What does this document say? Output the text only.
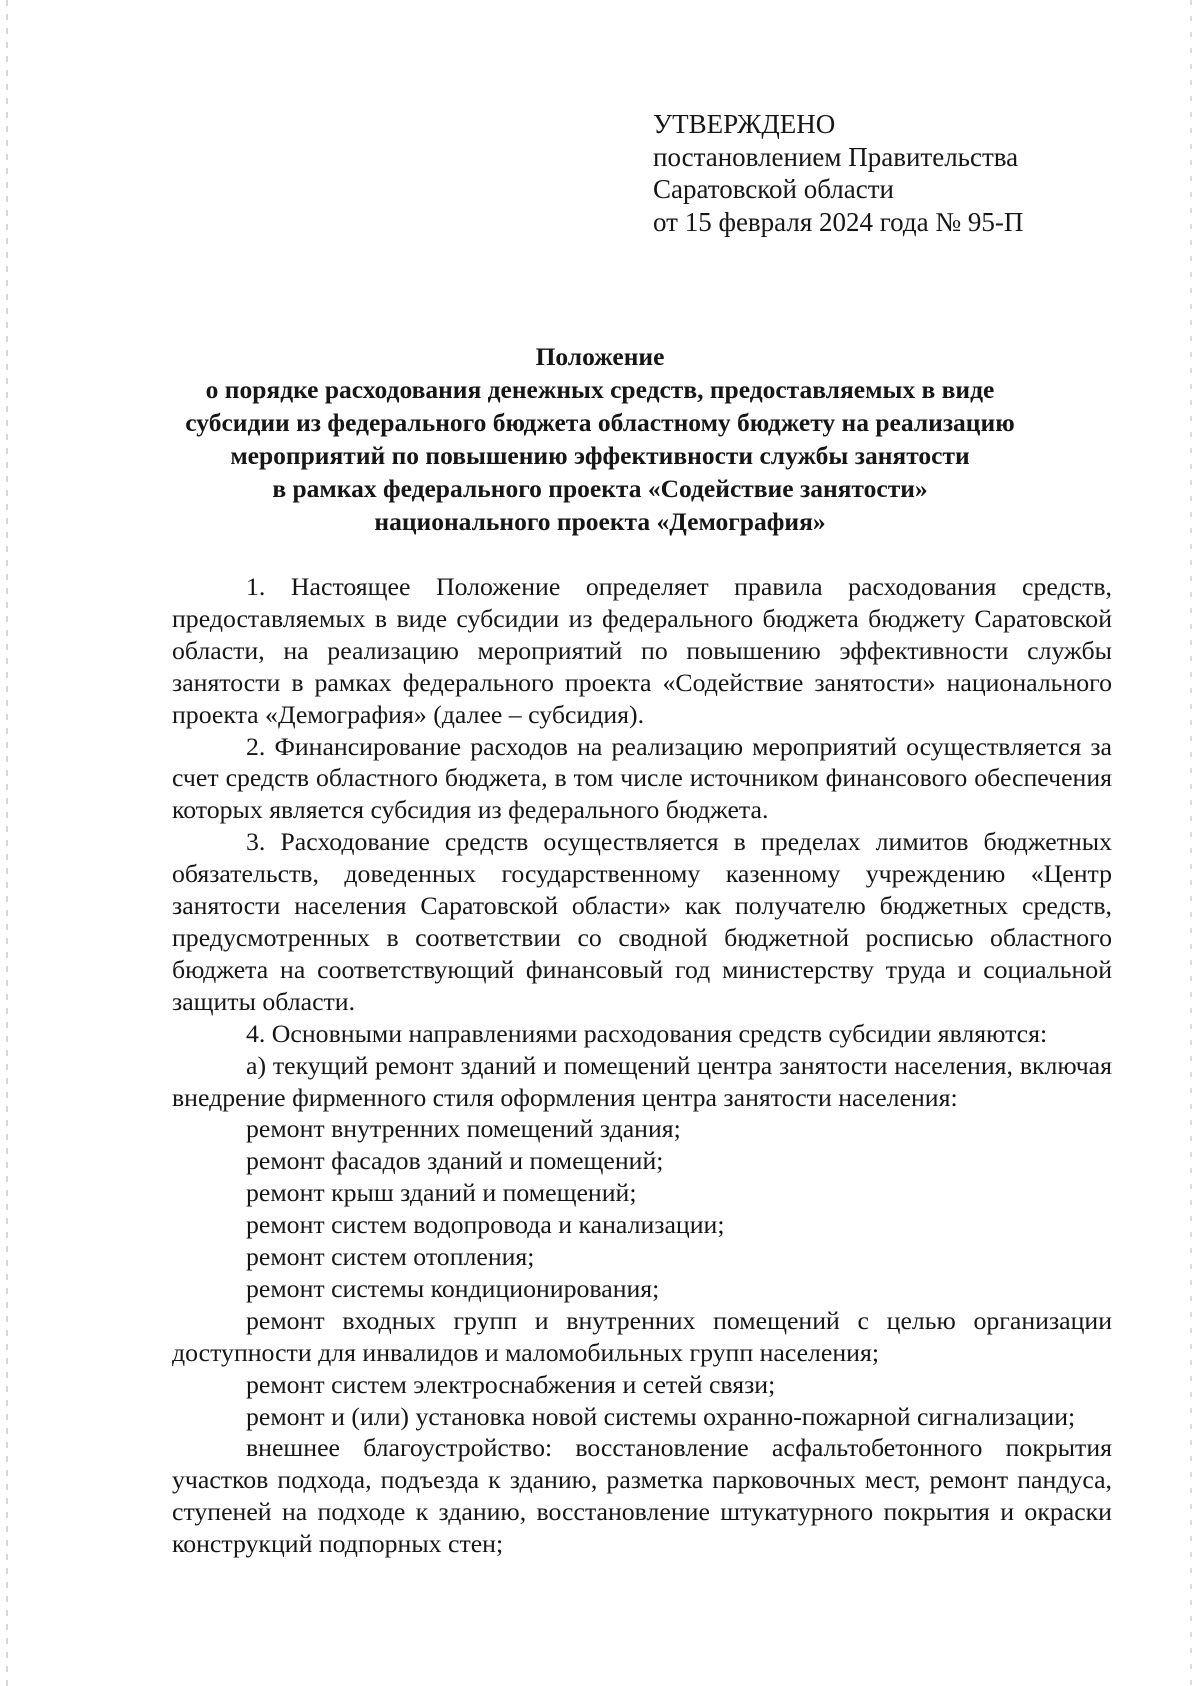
УТВЕРЖДЕНО
постановлением Правительства
Саратовской области
от 15 февраля 2024 года № 95-П
Положение
о порядке расходования денежных средств, предоставляемых в виде
субсидии из федерального бюджета областному бюджету на реализацию
мероприятий по повышению эффективности службы занятости
в рамках федерального проекта «Содействие занятости»
национального проекта «Демография»

1. Настоящее Положение определяет правила расходования средств, предоставляемых в виде субсидии из федерального бюджета бюджету Саратовской области, на реализацию мероприятий по повышению эффективности службы занятости в рамках федерального проекта «Содействие занятости» национального проекта «Демография» (далее – субсидия).

2. Финансирование расходов на реализацию мероприятий осуществляется за счет средств областного бюджета, в том числе источником финансового обеспечения которых является субсидия из федерального бюджета.

3. Расходование средств осуществляется в пределах лимитов бюджетных обязательств, доведенных государственному казенному учреждению «Центр занятости населения Саратовской области» как получателю бюджетных средств, предусмотренных в соответствии со сводной бюджетной росписью областного бюджета на соответствующий финансовый год министерству труда и социальной защиты области.

4. Основными направлениями расходования средств субсидии являются:

а) текущий ремонт зданий и помещений центра занятости населения, включая внедрение фирменного стиля оформления центра занятости населения:

ремонт внутренних помещений здания;

ремонт фасадов зданий и помещений;

ремонт крыш зданий и помещений;

ремонт систем водопровода и канализации;

ремонт систем отопления;

ремонт системы кондиционирования;

ремонт входных групп и внутренних помещений с целью организации доступности для инвалидов и маломобильных групп населения;

ремонт систем электроснабжения и сетей связи;

ремонт и (или) установка новой системы охранно-пожарной сигнализации;

внешнее благоустройство: восстановление асфальтобетонного покрытия участков подхода, подъезда к зданию, разметка парковочных мест, ремонт пандуса, ступеней на подходе к зданию, восстановление штукатурного покрытия и окраски конструкций подпорных стен;
